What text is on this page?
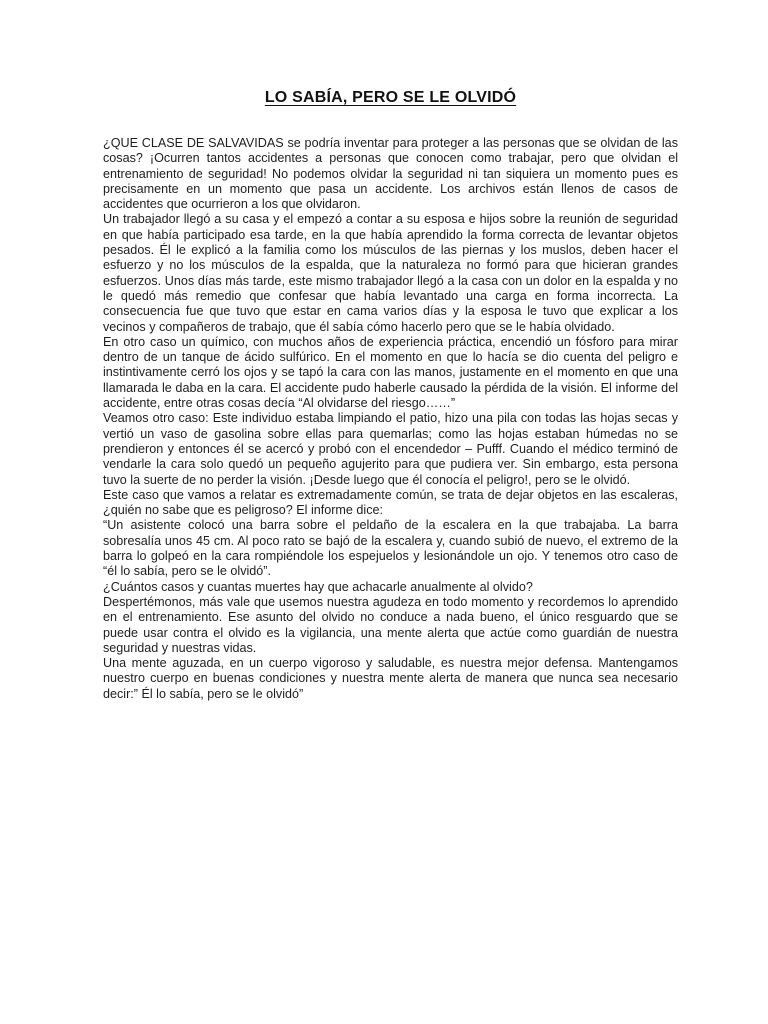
LO SABÍA, PERO SE LE OLVIDÓ

¿QUE CLASE DE SALVAVIDAS se podría inventar para proteger a las personas que se olvidan de las cosas? ¡Ocurren tantos accidentes a personas que conocen como trabajar, pero que olvidan el entrenamiento de seguridad! No podemos olvidar la seguridad ni tan siquiera un momento pues es precisamente en un momento que pasa un accidente. Los archivos están llenos de casos de accidentes que ocurrieron a los que olvidaron.

Un trabajador llegó a su casa y el empezó a contar a su esposa e hijos sobre la reunión de seguridad en que había participado esa tarde, en la que había aprendido la forma correcta de levantar objetos pesados. Él le explicó a la familia como los músculos de las piernas y los muslos, deben hacer el esfuerzo y no los músculos de la espalda, que la naturaleza no formó para que hicieran grandes esfuerzos. Unos días más tarde, este mismo trabajador llegó a la casa con un dolor en la espalda y no le quedó más remedio que confesar que había levantado una carga en forma incorrecta. La consecuencia fue que tuvo que estar en cama varios días y la esposa le tuvo que explicar a los vecinos y compañeros de trabajo, que él sabía cómo hacerlo pero que se le había olvidado.

En otro caso un químico, con muchos años de experiencia práctica, encendió un fósforo para mirar dentro de un tanque de ácido sulfúrico. En el momento en que lo hacía se dio cuenta del peligro e instintivamente cerró los ojos y se tapó la cara con las manos, justamente en el momento en que una llamarada le daba en la cara. El accidente pudo haberle causado la pérdida de la visión. El informe del accidente, entre otras cosas decía “Al olvidarse del riesgo……”

Veamos otro caso: Este individuo estaba limpiando el patio, hizo una pila con todas las hojas secas y vertió un vaso de gasolina sobre ellas para quemarlas; como las hojas estaban húmedas no se prendieron y entonces él se acercó y probó con el encendedor – Pufff. Cuando el médico terminó de vendarle la cara solo quedó un pequeño agujerito para que pudiera ver. Sin embargo, esta persona tuvo la suerte de no perder la visión. ¡Desde luego que él conocía el peligro!, pero se le olvidó.

Este caso que vamos a relatar es extremadamente común, se trata de dejar objetos en las escaleras, ¿quién no sabe que es peligroso? El informe dice:

“Un asistente colocó una barra sobre el peldaño de la escalera en la que trabajaba. La barra sobresalía unos 45 cm. Al poco rato se bajó de la escalera y, cuando subió de nuevo, el extremo de la barra lo golpeó en la cara rompiéndole los espejuelos y lesionándole un ojo. Y tenemos otro caso de “él lo sabía, pero se le olvidó”.

¿Cuántos casos y cuantas muertes hay que achacarle anualmente al olvido?

Despertémonos, más vale que usemos nuestra agudeza en todo momento y recordemos lo aprendido en el entrenamiento. Ese asunto del olvido no conduce a nada bueno, el único resguardo que se puede usar contra el olvido es la vigilancia, una mente alerta que actúe como guardián de nuestra seguridad y nuestras vidas.

Una mente aguzada, en un cuerpo vigoroso y saludable, es nuestra mejor defensa. Mantengamos nuestro cuerpo en buenas condiciones y nuestra mente alerta de manera que nunca sea necesario decir:” Él lo sabía, pero se le olvidó”
